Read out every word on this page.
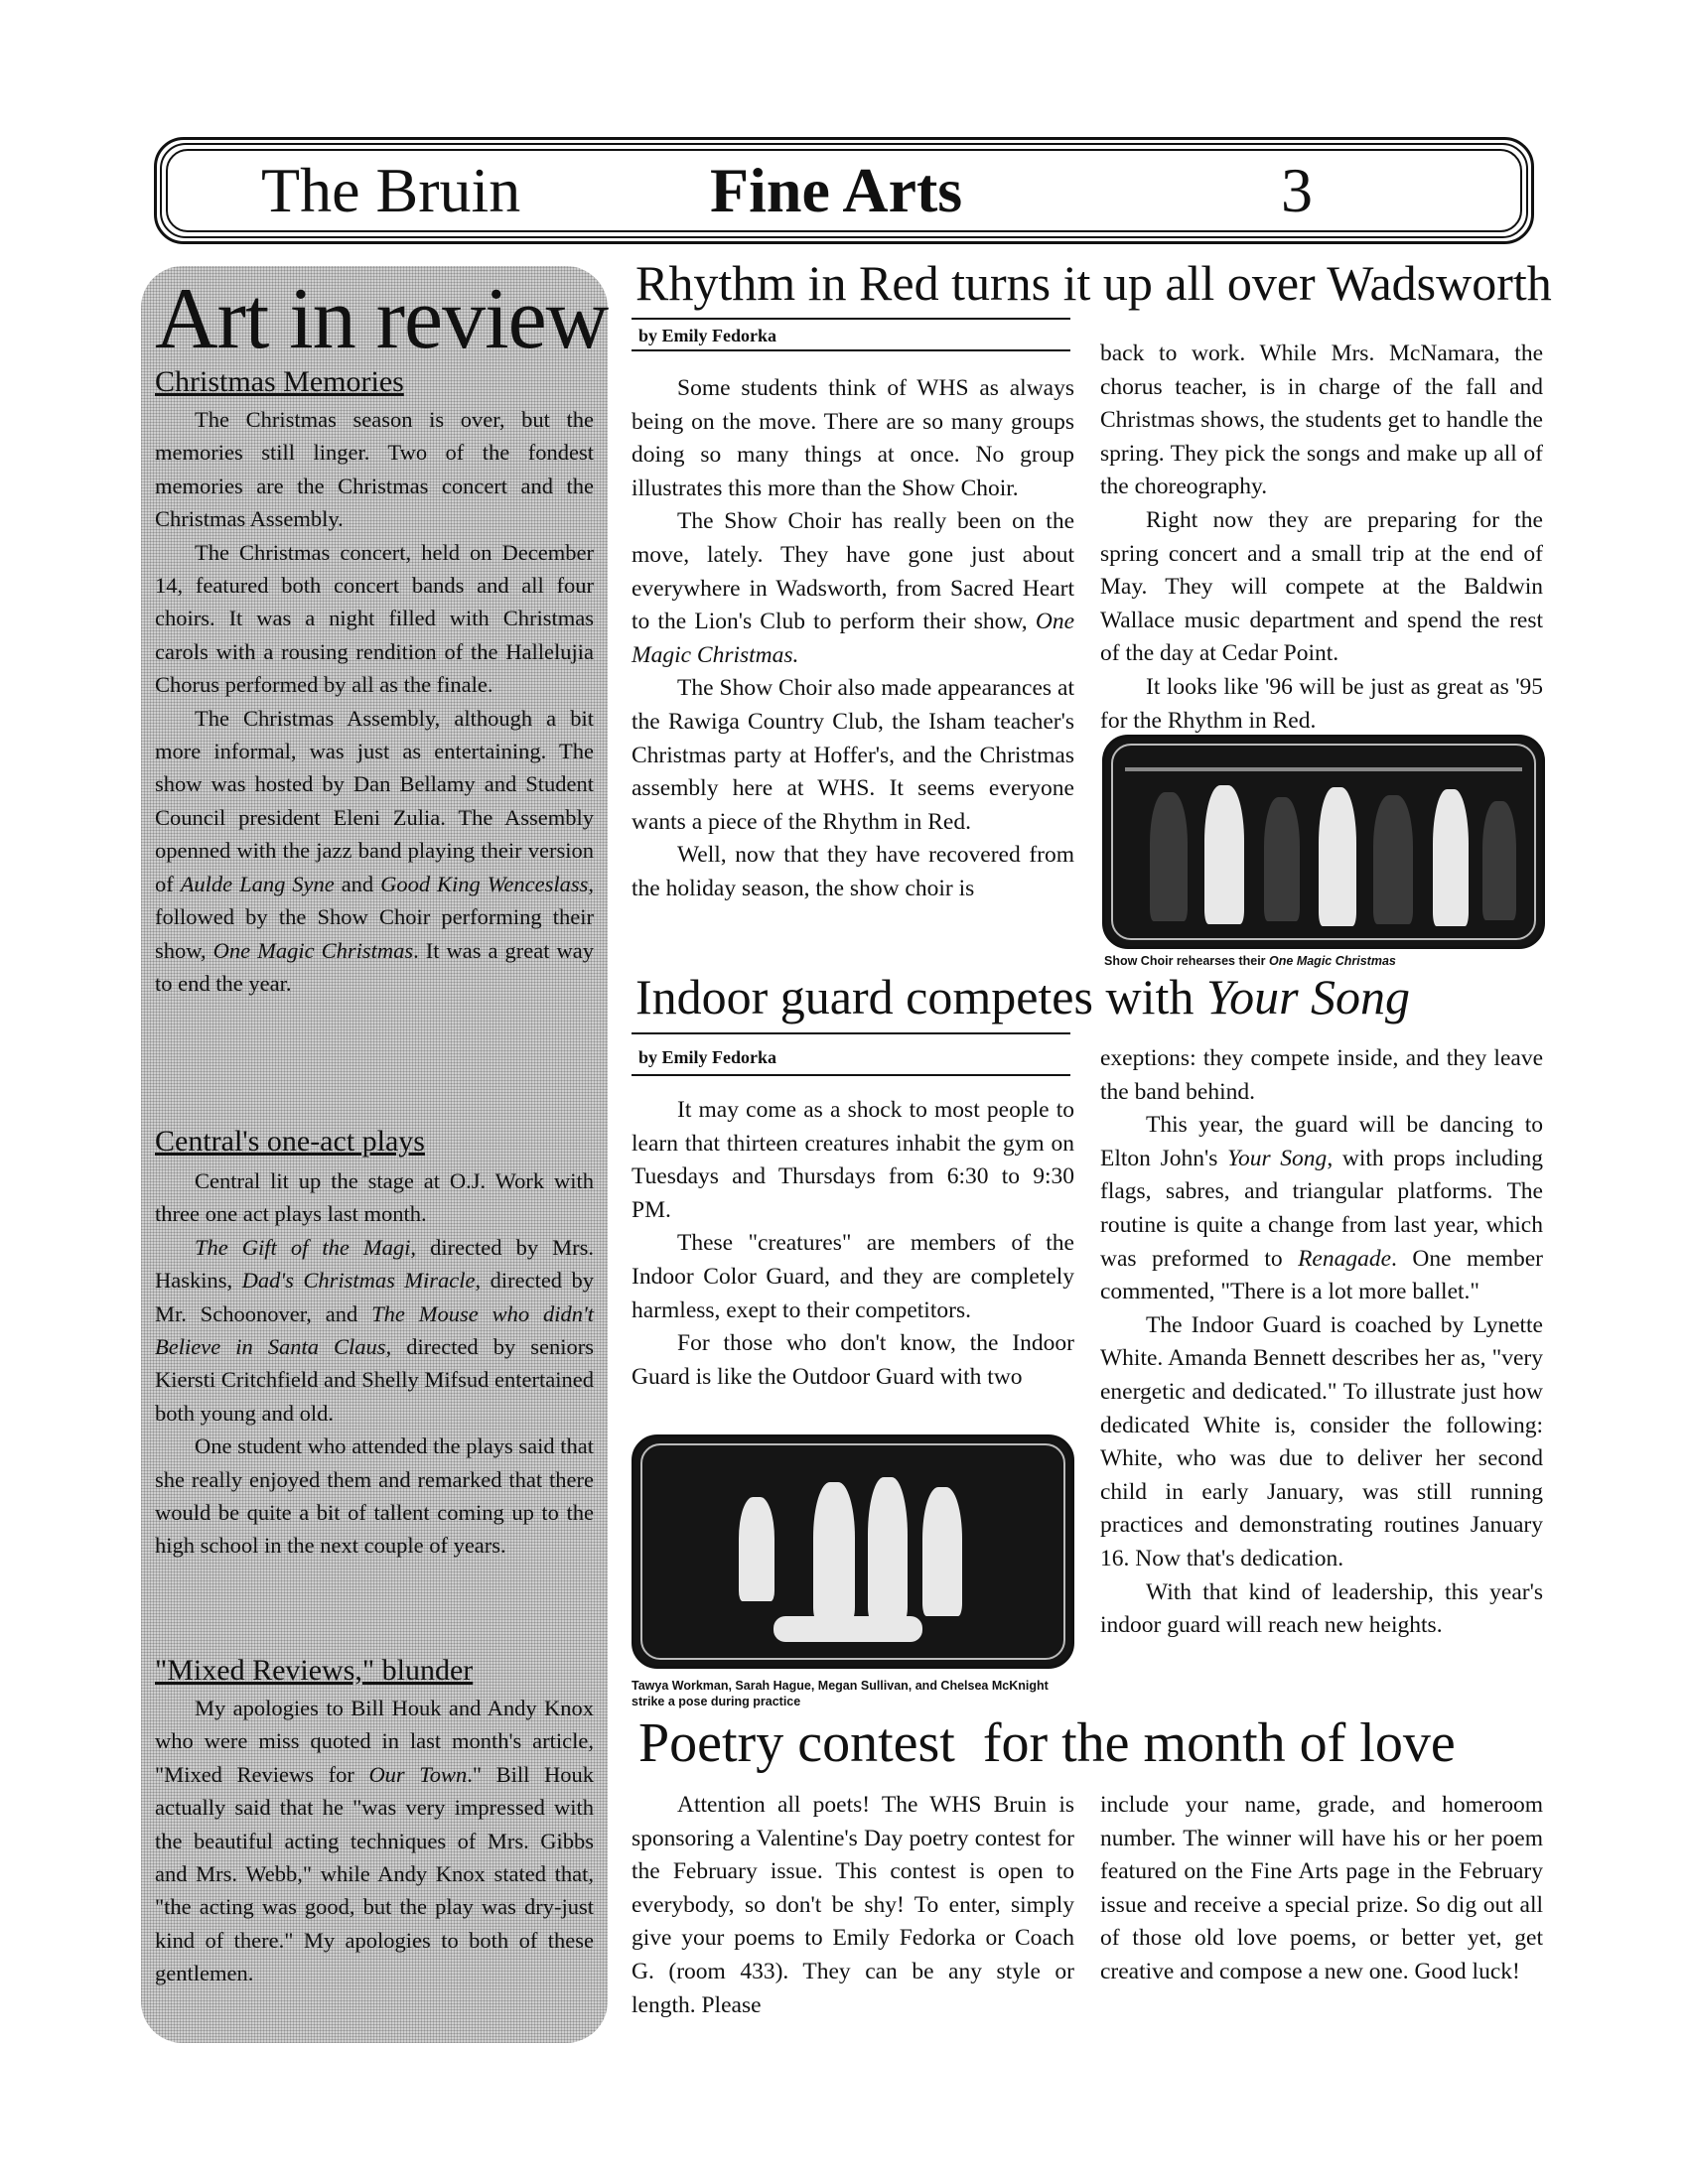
The Bruin	Fine Arts	3
Art in review
Christmas Memories

The Christmas season is over, but the memories still linger. Two of the fondest memories are the Christmas concert and the Christmas Assembly.

The Christmas concert, held on December 14, featured both concert bands and all four choirs. It was a night filled with Christmas carols with a rousing rendition of the Hallelujia Chorus performed by all as the finale.

The Christmas Assembly, although a bit more informal, was just as entertaining. The show was hosted by Dan Bellamy and Student Council president Eleni Zulia. The Assembly openned with the jazz band playing their version of Aulde Lang Syne and Good King Wenceslass, followed by the Show Choir performing their show, One Magic Christmas. It was a great way to end the year.

Central's one-act plays

Central lit up the stage at O.J. Work with three one act plays last month.

The Gift of the Magi, directed by Mrs. Haskins, Dad's Christmas Miracle, directed by Mr. Schoonover, and The Mouse who didn't Believe in Santa Claus, directed by seniors Kiersti Critchfield and Shelly Mifsud entertained both young and old.

One student who attended the plays said that she really enjoyed them and remarked that there would be quite a bit of tallent coming up to the high school in the next couple of years.

"Mixed Reviews," blunder

My apologies to Bill Houk and Andy Knox who were miss quoted in last month's article, "Mixed Reviews for Our Town." Bill Houk actually said that he "was very impressed with the beautiful acting techniques of Mrs. Gibbs and Mrs. Webb," while Andy Knox stated that, "the acting was good, but the play was dry-just kind of there." My apologies to both of these gentlemen.

Rhythm in Red turns it up all over Wadsworth
by Emily Fedorka

Some students think of WHS as always being on the move. There are so many groups doing so many things at once. No group illustrates this more than the Show Choir.

The Show Choir has really been on the move, lately. They have gone just about everywhere in Wadsworth, from Sacred Heart to the Lion's Club to perform their show, One Magic Christmas.

The Show Choir also made appearances at the Rawiga Country Club, the Isham teacher's Christmas party at Hoffer's, and the Christmas assembly here at WHS. It seems everyone wants a piece of the Rhythm in Red.

Well, now that they have recovered from the holiday season, the show choir is

back to work. While Mrs. McNamara, the chorus teacher, is in charge of the fall and Christmas shows, the students get to handle the spring. They pick the songs and make up all of the choreography.

Right now they are preparing for the spring concert and a small trip at the end of May. They will compete at the Baldwin Wallace music department and spend the rest of the day at Cedar Point.

It looks like '96 will be just as great as '95 for the Rhythm in Red.

Show Choir rehearses their One Magic Christmas
Indoor guard competes with Your Song
by Emily Fedorka

It may come as a shock to most people to learn that thirteen creatures inhabit the gym on Tuesdays and Thursdays from 6:30 to 9:30 PM.

These "creatures" are members of the Indoor Color Guard, and they are completely harmless, exept to their competitors.

For those who don't know, the Indoor Guard is like the Outdoor Guard with two

Tawya Workman, Sarah Hague, Megan Sullivan, and Chelsea McKnight strike a pose during practice

exeptions: they compete inside, and they leave the band behind.

This year, the guard will be dancing to Elton John's Your Song, with props including flags, sabres, and triangular platforms. The routine is quite a change from last year, which was preformed to Renagade. One member commented, "There is a lot more ballet."

The Indoor Guard is coached by Lynette White. Amanda Bennett describes her as, "very energetic and dedicated." To illustrate just how dedicated White is, consider the following: White, who was due to deliver her second child in early January, was still running practices and demonstrating routines January 16. Now that's dedication.

With that kind of leadership, this year's indoor guard will reach new heights.

Poetry contest  for the month of love

Attention all poets! The WHS Bruin is sponsoring a Valentine's Day poetry contest for the February issue. This contest is open to everybody, so don't be shy! To enter, simply give your poems to Emily Fedorka or Coach G. (room 433). They can be any style or length. Please

include your name, grade, and homeroom number. The winner will have his or her poem featured on the Fine Arts page in the February issue and receive a special prize. So dig out all of those old love poems, or better yet, get creative and compose a new one. Good luck!
